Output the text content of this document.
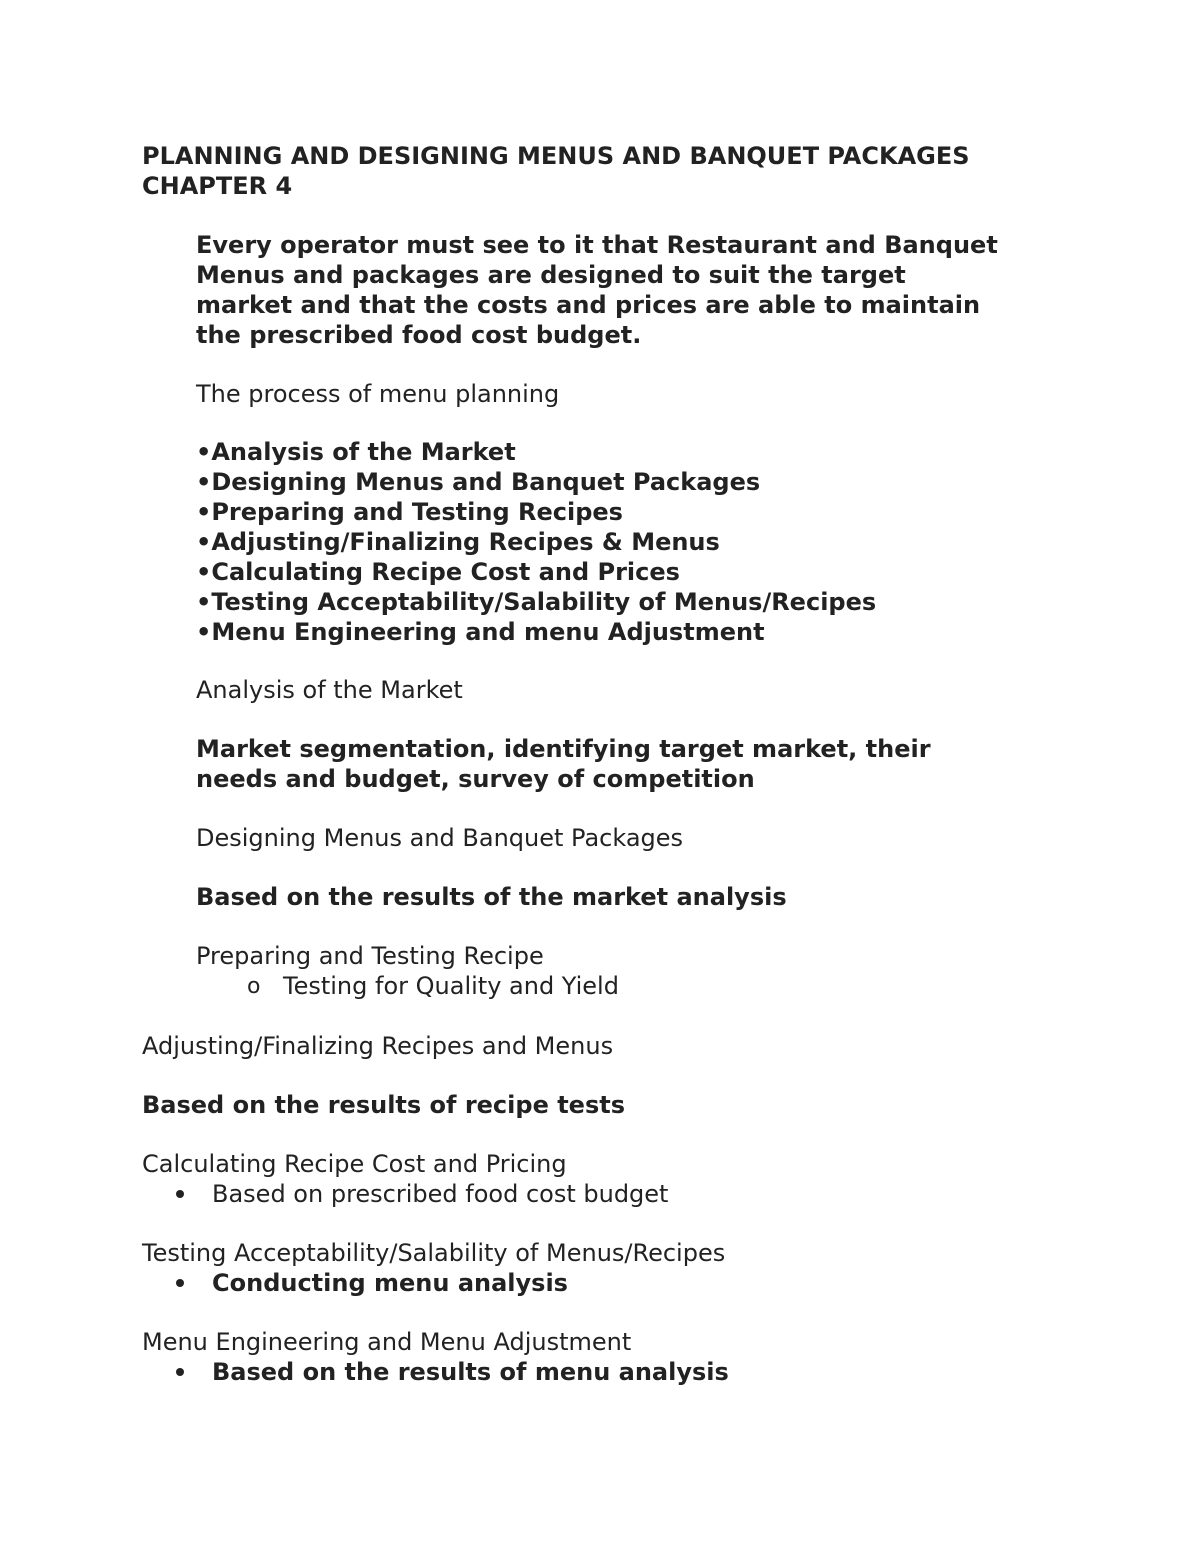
PLANNING AND DESIGNING MENUS AND BANQUET PACKAGES

CHAPTER 4

Every operator must see to it that Restaurant and Banquet

Menus and packages are designed to suit the target

market and that the costs and prices are able to maintain

the prescribed food cost budget.

The process of menu planning

•Analysis of the Market

•Designing Menus and Banquet Packages

•Preparing and Testing Recipes

•Adjusting/Finalizing Recipes & Menus

•Calculating Recipe Cost and Prices

•Testing Acceptability/Salability of Menus/Recipes

•Menu Engineering and menu Adjustment

Analysis of the Market

Market segmentation, identifying target market, their

needs and budget, survey of competition

Designing Menus and Banquet Packages

Based on the results of the market analysis

Preparing and Testing Recipe

o Testing for Quality and Yield

Adjusting/Finalizing Recipes and Menus

Based on the results of recipe tests

Calculating Recipe Cost and Pricing

Based on prescribed food cost budget

Testing Acceptability/Salability of Menus/Recipes

Conducting menu analysis

Menu Engineering and Menu Adjustment

Based on the results of menu analysis
